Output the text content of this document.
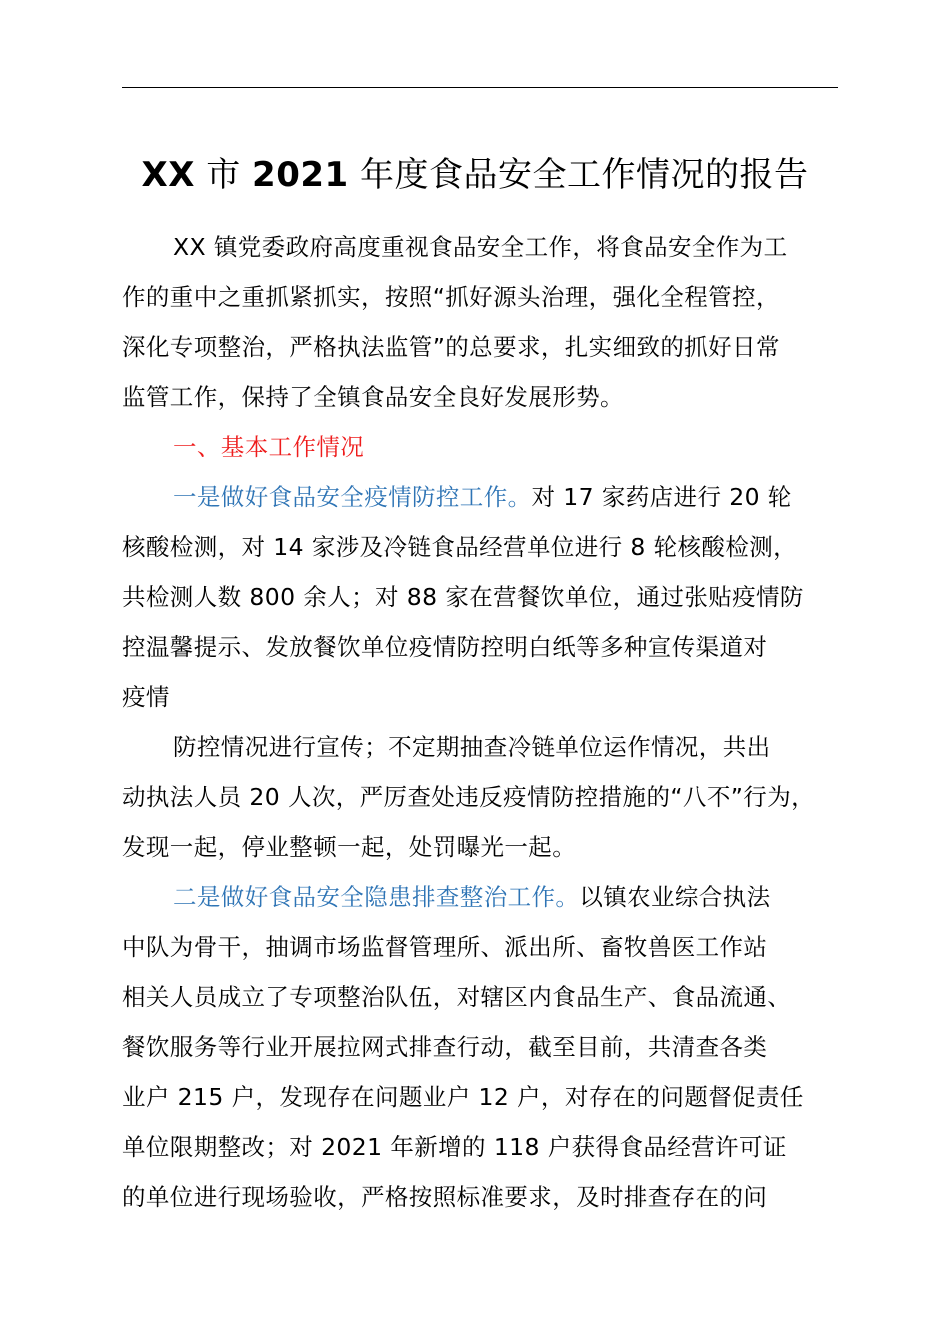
XX 市 2021 年度食品安全工作情况的报告
XX 镇党委政府高度重视食品安全工作，将食品安全作为工
作的重中之重抓紧抓实，按照“抓好源头治理，强化全程管控，
深化专项整治，严格执法监管”的总要求，扎实细致的抓好日常
监管工作，保持了全镇食品安全良好发展形势。
一、基本工作情况
一是做好食品安全疫情防控工作。对 17 家药店进行 20 轮
核酸检测，对 14 家涉及冷链食品经营单位进行 8 轮核酸检测，
共检测人数 800 余人；对 88 家在营餐饮单位，通过张贴疫情防
控温馨提示、发放餐饮单位疫情防控明白纸等多种宣传渠道对
疫情
防控情况进行宣传；不定期抽查冷链单位运作情况，共出
动执法人员 20 人次，严厉查处违反疫情防控措施的“八不”行为，
发现一起，停业整顿一起，处罚曝光一起。
二是做好食品安全隐患排查整治工作。以镇农业综合执法
中队为骨干，抽调市场监督管理所、派出所、畜牧兽医工作站
相关人员成立了专项整治队伍，对辖区内食品生产、食品流通、
餐饮服务等行业开展拉网式排查行动，截至目前，共清查各类
业户 215 户，发现存在问题业户 12 户，对存在的问题督促责任
单位限期整改；对 2021 年新增的 118 户获得食品经营许可证
的单位进行现场验收，严格按照标准要求，及时排查存在的问
